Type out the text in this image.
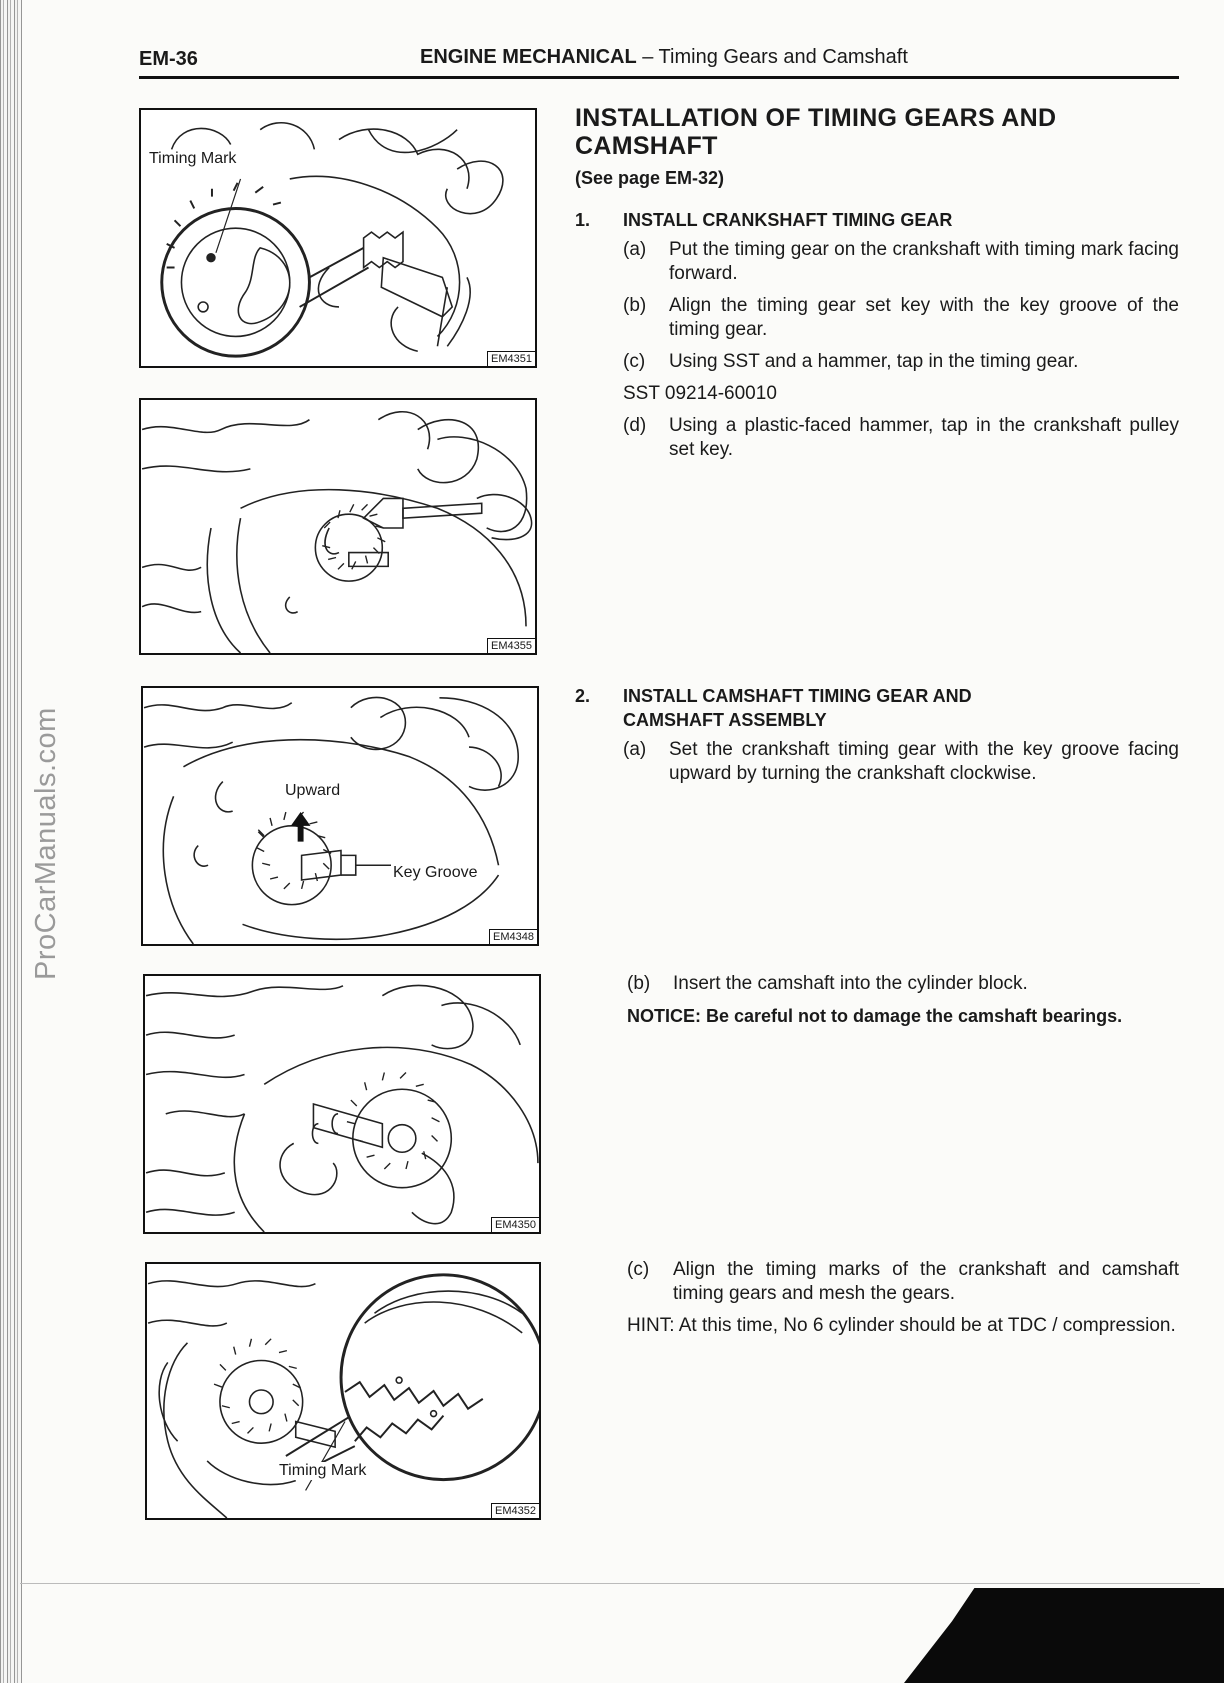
ProCarManuals.com
EM-36	ENGINE MECHANICAL – Timing Gears and Camshaft
Timing Mark
EM4351
EM4355
Upward
Key Groove
EM4348
EM4350
Timing Mark
EM4352
INSTALLATION OF TIMING GEARS AND CAMSHAFT
(See page EM-32)
1. INSTALL CRANKSHAFT TIMING GEAR
(a) Put the timing gear on the crankshaft with timing mark facing forward.
(b) Align the timing gear set key with the key groove of the timing gear.
(c) Using SST and a hammer, tap in the timing gear.
SST 09214-60010
(d) Using a plastic-faced hammer, tap in the crankshaft pulley set key.
2. INSTALL CAMSHAFT TIMING GEAR AND
CAMSHAFT ASSEMBLY
(a) Set the crankshaft timing gear with the key groove facing upward by turning the crankshaft clockwise.
(b) Insert the camshaft into the cylinder block.
NOTICE: Be careful not to damage the camshaft bearings.
(c) Align the timing marks of the crankshaft and camshaft timing gears and mesh the gears.
HINT: At this time, No 6 cylinder should be at TDC / compression.
